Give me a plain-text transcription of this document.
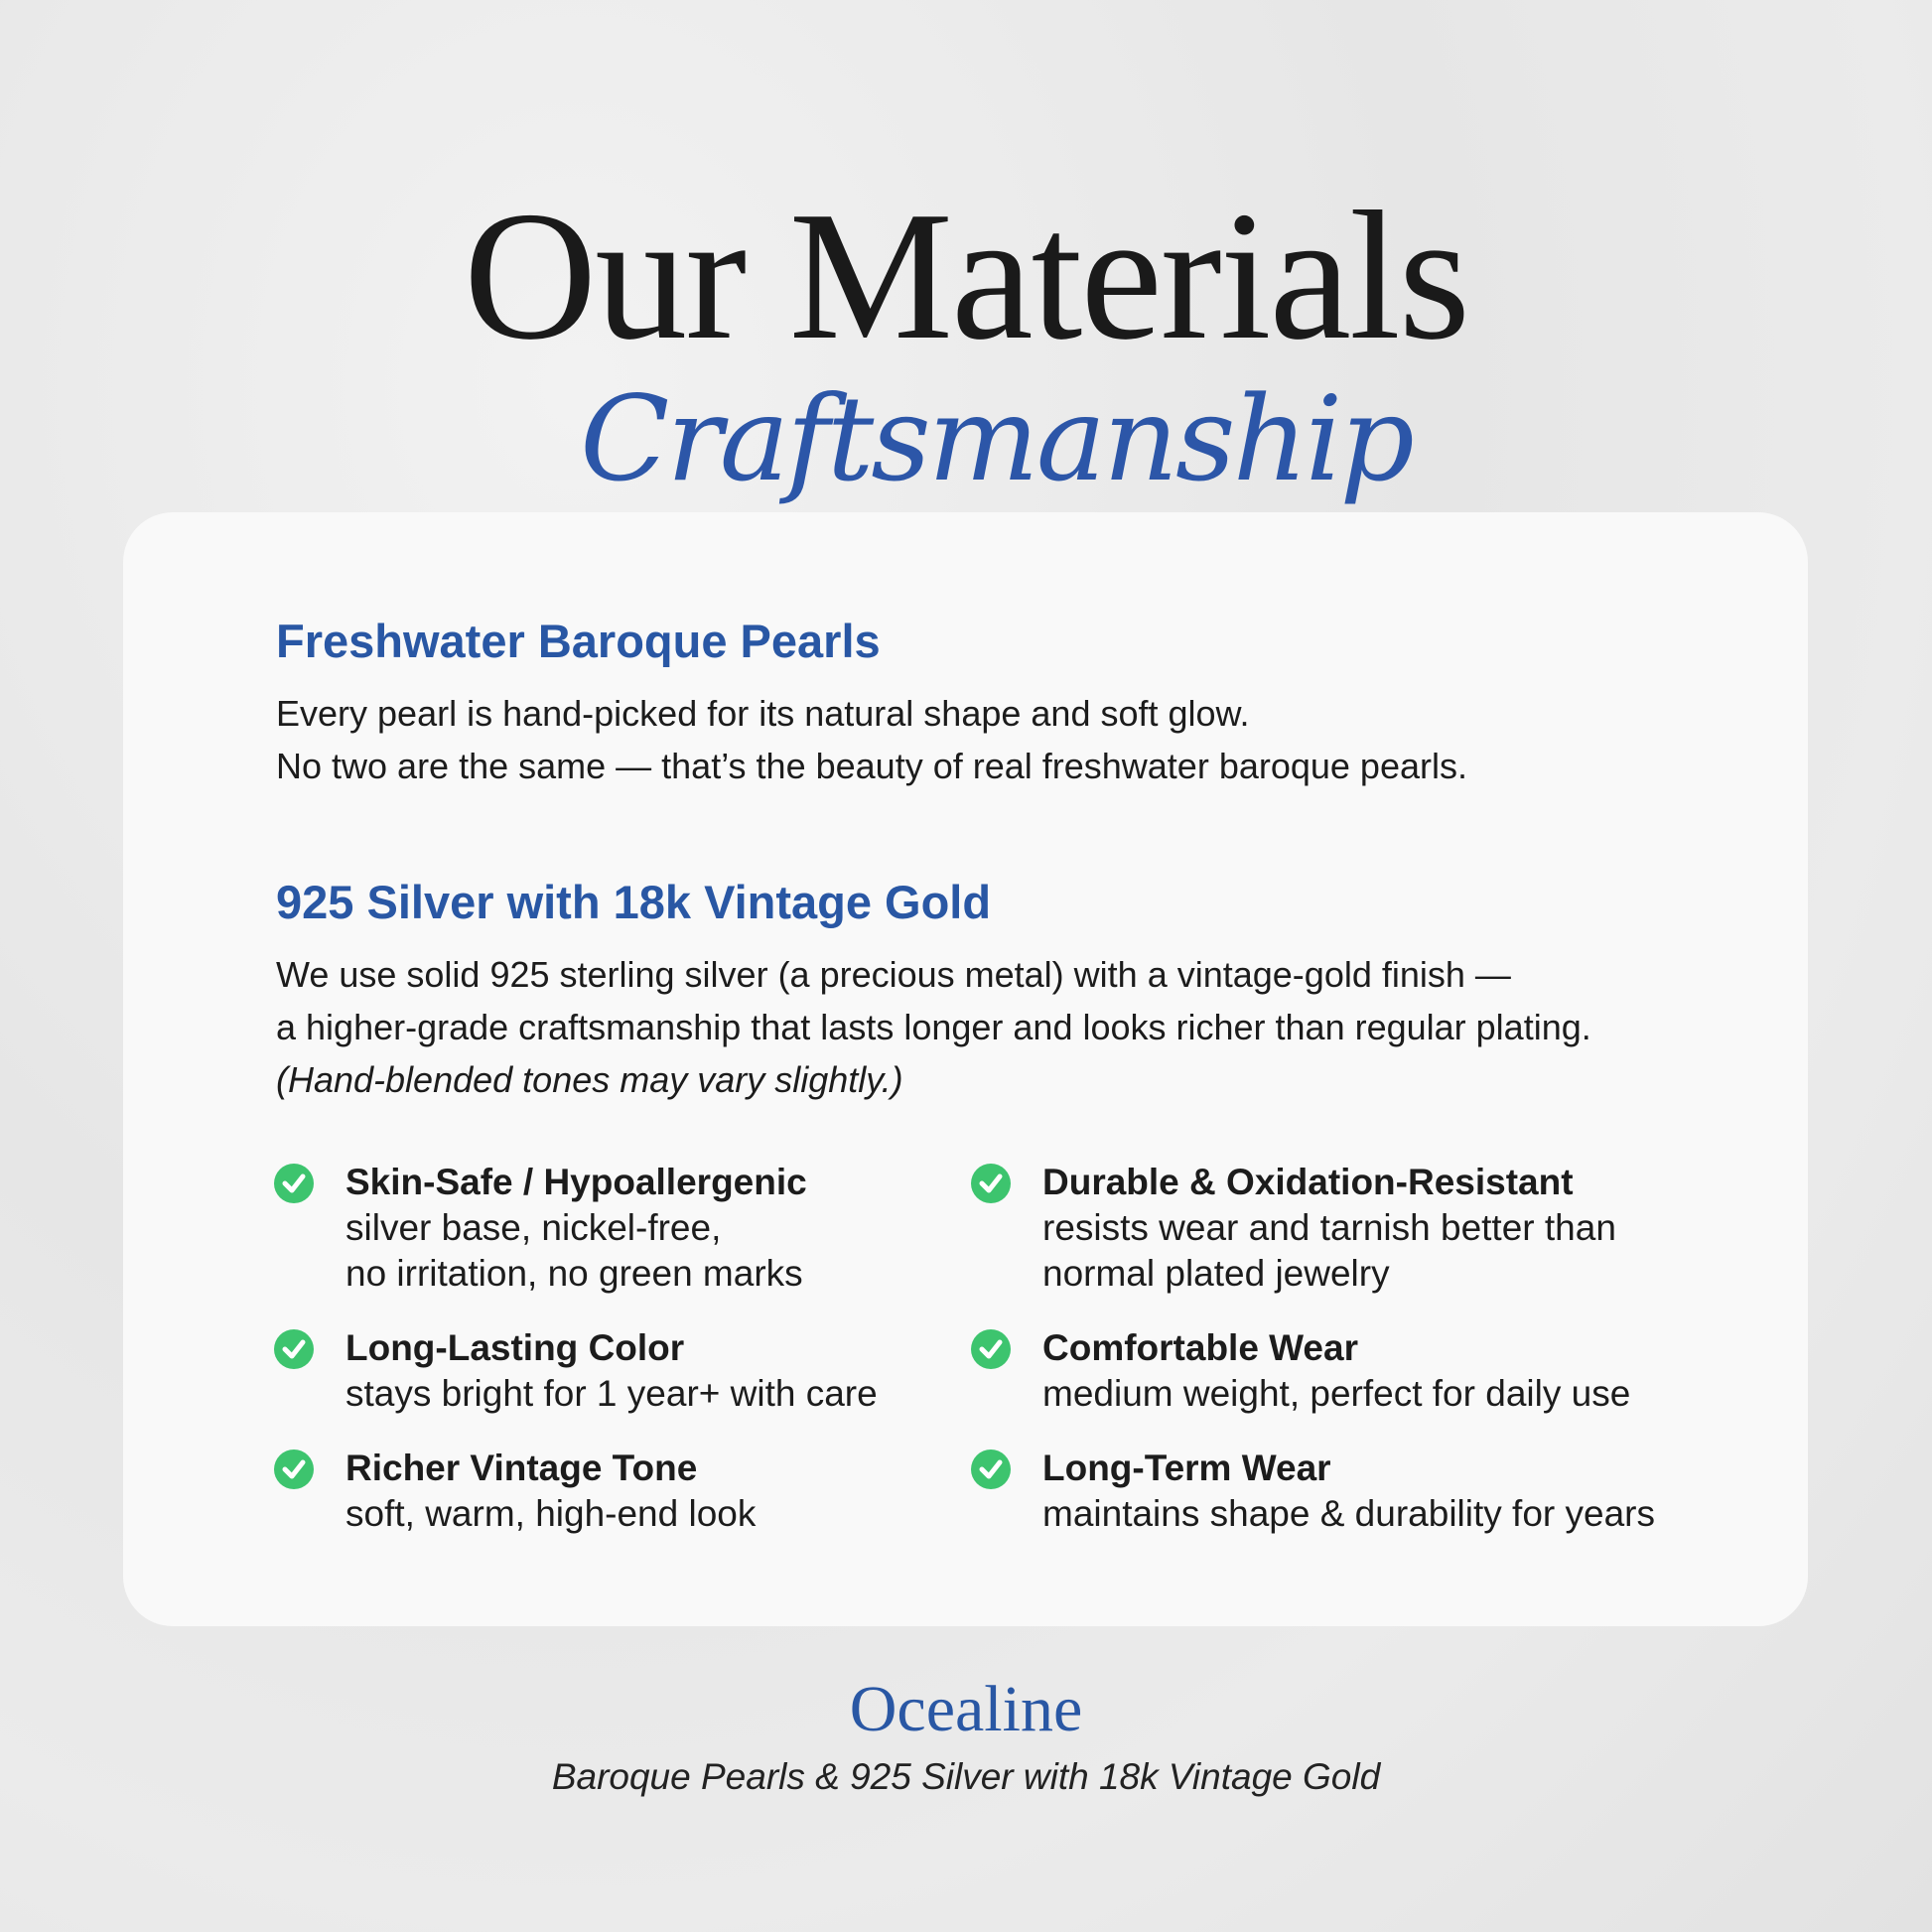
Our Materials
Craftsmanship
Freshwater Baroque Pearls
Every pearl is hand-picked for its natural shape and soft glow.
No two are the same — that’s the beauty of real freshwater baroque pearls.
925 Silver with 18k Vintage Gold
We use solid 925 sterling silver (a precious metal) with a vintage-gold finish —
a higher-grade craftsmanship that lasts longer and looks richer than regular plating.
(Hand-blended tones may vary slightly.)
Skin-Safe / Hypoallergenic
silver base, nickel-free,
no irritation, no green marks
Durable & Oxidation-Resistant
resists wear and tarnish better than
normal plated jewelry
Long-Lasting Color
stays bright for 1 year+ with care
Comfortable Wear
medium weight, perfect for daily use
Richer Vintage Tone
soft, warm, high-end look
Long-Term Wear
maintains shape & durability for years
Ocealine
Baroque Pearls & 925 Silver with 18k Vintage Gold
